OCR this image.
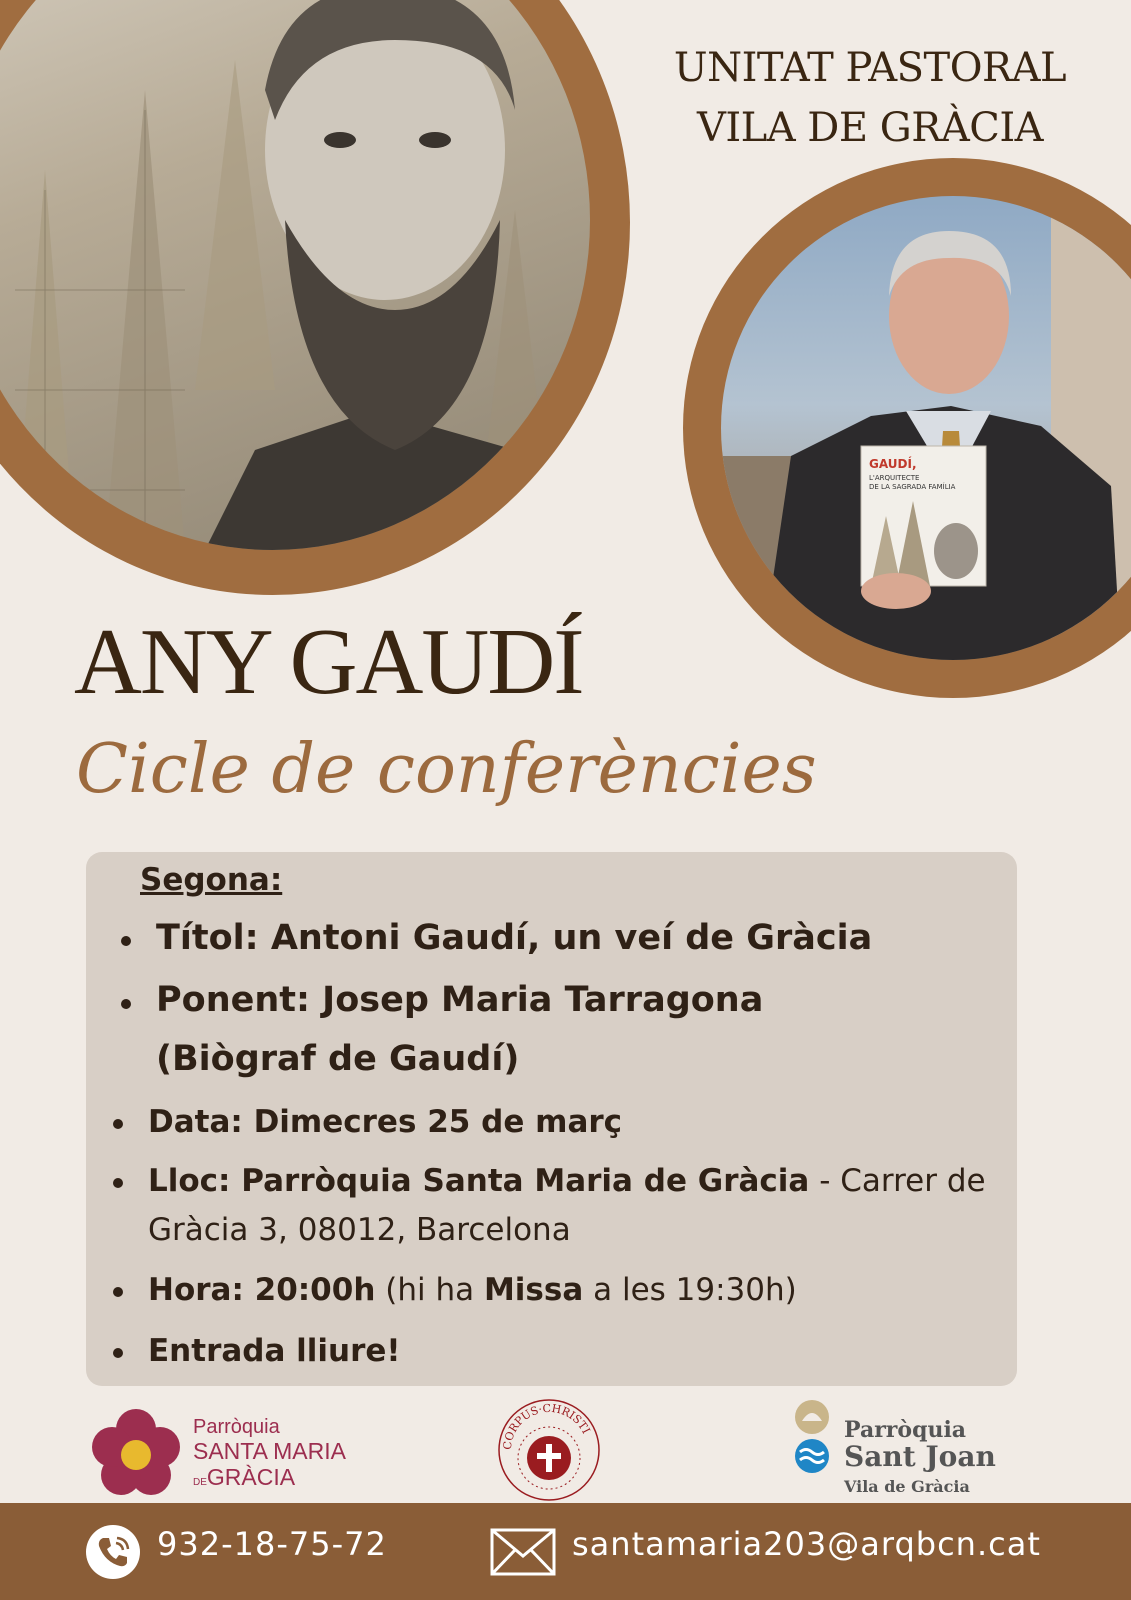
GAUDÍ,
L'ARQUITECTE
DE LA SAGRADA FAMÍLIA
UNITAT PASTORAL
VILA DE GRÀCIA
ANY GAUDÍ
Cicle de conferències
Segona:
Títol: Antoni Gaudí, un veí de Gràcia
Ponent: Josep Maria Tarragona
(Biògraf de Gaudí)
Data: Dimecres 25 de març
Lloc: Parròquia Santa Maria de Gràcia - Carrer de
Gràcia 3, 08012, Barcelona
Hora: 20:00h (hi ha Missa a les 19:30h)
Entrada lliure!
Parròquia
SANTA MARIA
DEGRÀCIA
CORPUS·CHRISTI	Parròquia
Sant Joan
Vila de Gràcia
932-18-75-72	santamaria203@arqbcn.cat
